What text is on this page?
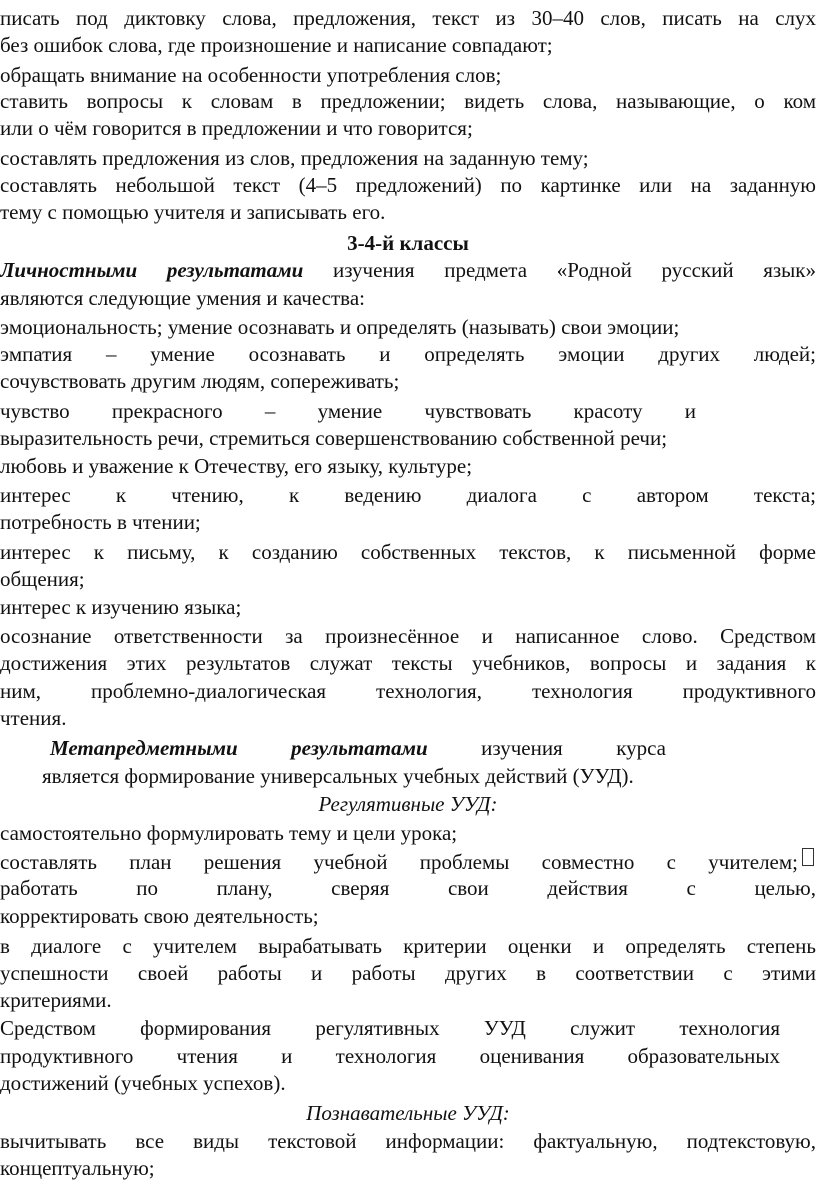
писать под диктовку слова, предложения, текст из 30–40 слов, писать на слух
без ошибок слова, где произношение и написание совпадают;
обращать внимание на особенности употребления слов;
ставить вопросы к словам в предложении; видеть слова, называющие, о ком
или о чём говорится в предложении и что говорится;
составлять предложения из слов, предложения на заданную тему;
составлять небольшой текст (4–5 предложений) по картинке или на заданную
тему с помощью учителя и записывать его.
3-4-й классы
Личностными результатами изучения предмета «Родной русский язык»
являются следующие умения и качества:
эмоциональность; умение осознавать и определять (называть) свои эмоции;
эмпатия – умение осознавать и определять эмоции других людей;
сочувствовать другим людям, сопереживать;
чувство прекрасного – умение чувствовать красоту и
выразительность речи, стремиться совершенствованию собственной речи;
любовь и уважение к Отечеству, его языку, культуре;
интерес к чтению, к ведению диалога с автором текста;
потребность в чтении;
интерес к письму, к созданию собственных текстов, к письменной форме
общения;
интерес к изучению языка;
осознание ответственности за произнесённое и написанное слово. Средством
достижения этих результатов служат тексты учебников, вопросы и задания к
ним, проблемно-диалогическая технология, технология продуктивного
чтения.
Метапредметными результатами изучения курса
является формирование универсальных учебных действий (УУД).
Регулятивные УУД:
самостоятельно формулировать тему и цели урока;
составлять план решения учебной проблемы совместно с учителем;
работать по плану, сверяя свои действия с целью,
корректировать свою деятельность;
в диалоге с учителем вырабатывать критерии оценки и определять степень
успешности своей работы и работы других в соответствии с этими
критериями.
Средством формирования регулятивных УУД служит технология
продуктивного чтения и технология оценивания образовательных
достижений (учебных успехов).
Познавательные УУД:
вычитывать все виды текстовой информации: фактуальную, подтекстовую,
концептуальную;
